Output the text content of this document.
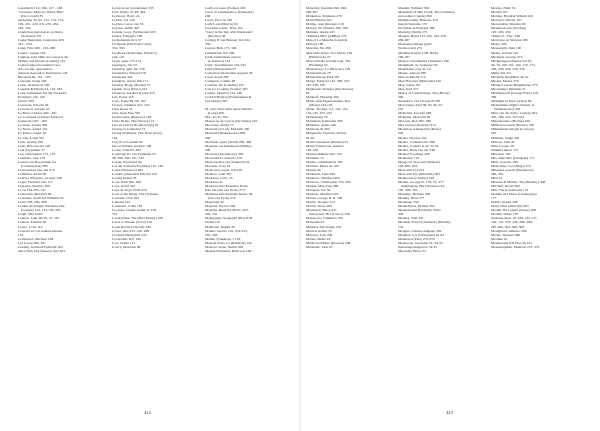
Lazarlist 61 f.4: 166, 167 - 168
"Lead into Mass ris Wand, Hier"
(De Cowell) 35
landschap 34, 62, 152, 154, 174,
192, 201, 229, 231-233, 262,
263, 334
Landschap met Aaron op Delos
(Serrures) 331
Lasky Benjamin, Gregoriae 203,
221 - 234
Lang, Fritz 206 - 216, 290
Lanzer, Joseph 166
Lanhaur aabe Dhin du Concerts der
Mahler und Persist (Lessing) 161
Laskavanguard psiokbert rece
Afo 1o1mn, Appunalon,
Adriaan Aenouit to Pelyalexse 128
Rhodesi) 90, 161 - 163
Larsaum, Serge 203
Lasse, Orlando di 196
Lauebul & Haydn 24, 116, 349
Lasse Schuinken frij der Zuchwid,
Erasmus) 145, 146
Uleurc 309
Laveraun, Nevcke 34
Leconte Jr. George 10
Le Brun, Charles 200 - 201
Le Corbusier (Charles-Edouard
Jeanneret) 207 - 209
Le Guin, Ursula 369
Le Nôtre, André 332
Le Prince, Léger 62
Le Vau, Louis 332
Lean, lersing 106
Leeb, Ben van der 190
Leel Zeypeihist 37
Lee, Christopher 175, 176
Leemans, Jaap 179
Leeren van Hoewerken for
(Commiyanis) 283
Leeuwarden, kist aux 279
Lelfshina, André 90
Lefévre d'Étaples, Jacques 248
Léger, Fernand 146, 117
Legrante, Pierrina 300
Le oe 184-185, 151
Laboratlin (Reichel) 48
Lechnine, Gottfried Wilhelm 65
Leicn 203, 209, 308
Leiden des jungen Werthers, Die
(Goethe) 124, 133-135, 283
Leigh, Mitch 205
Lennon, John 38, 95, 37, 101
Lenoret, Étienne 40
Lenyo, Lotte 110
Leopold 10 von Anhalt-Dessau
133
Lermontov, Michael 148
Les n aeni 360, 307
Lessing, Gotthold Ephraim 162
lettre Web, Dal (Reeson 3pr) 304
Leven te zet (Grosmann) 335
Levi, Primo 47-48, 364
Levinson, Barry 24
LeWitt, Sol 139
Leyden, Lucas van 53
Leyster, Judith 305
Lezaak voors. (Verhaeren) 295
Libera, Filippino 186
Lichtenstein, Roy 97
Lichtpaan (Die Kuir, Claes)
332, 350
Liedboek (Kanzonini, Petrarca)
144, 147
Ligm, Alan 173-174
Ligeligen, Jon 53
Limburg, gebr. 62, 256
Lindenmoi, Eduard 278
Lindeckel 342
Lindgren, Astrid 169-171
Lindsay-Hogg, Michael 37
Lipmal Tvos (Puerto) 94
Lissabon, Aardbevig land 216
List, Franz 118
Loes, Franz 89, 90, 102
Livest), Johnnies 215, 225
Lliro Israel 74
Lliro beoh Fres 350
Lizsle bance (Reproce) 148
Little Nemo, The (Dowey) 16
Lite and Zecht De (Revertgh) 91
Liverpool Cathedral 72
Living Daylights, The, Rive (Glen)
162
Lloyd's of Londen 62
Llyod Webber, Andrew 196
Locke, John 63, 263
Lodewijk xiv van Frankrijk 25,
48, 286, 290, 331, 332
Loeser, Raymond 90
Lof der Zotheid (Erasmus) 145, 146
Lolita (Nabokov) 283
Londen (onderdaas Haydn) 162
Loomy Planet 45
Loos, Wim 306, 309
Loos, Adolf 305
Lope de Vega, Félix 370
Lord of the Rings, The (Tolkien)
Lorraine, Clau 293
L'Otolul 124
Louisiana, Cathe 165
Lovesan, Claude Gellée le 330,
331
Lovelymbel, The (Hutt Beenet) 199
Lucia te Wiaaue (Sotot) 210
Louis Ravision Spotify 285
Lower, Alts 255, 256, 288
Loveand Heerlgicht 245
Loverroith, R.F. 190
Low, Otlain 113
Lowry, Malcolm 98
Lucht en water (Escher) 263
Lucia di Lammermoor (Donizetti)
206
Lucia, Paco de 240
Lady Lada (Morris) 93
Lucretius Carus, Titus 162
"Lucy in the Sky with Diamonds"
(Beatles) 38
Ludwig II van Beieren 310-322,
359
Lugosi, Béla 175, 349
Lukermann, Rat 296
Lutik-Guillemons station
(Calatrava) 114
Lully, Jean Baptiste 334-345
Lüne (Woldschull) 97
Lustration Strantomia Augusti 29
Lund, Sarah 369
Landgren, Colkhe 48
Lonisais, De (Camões) 145
Last for Looking (Sonny) 363
Luthen, Maarten 143, 146
Lycidal Bollasi (Wondermann &
Golombijo) 361

M, cine Staat wilht einen Mörder
(Lang) 206
MA, Yo-Yo 194
Maagd op de weavis (De Wisse) 216
Macaulay, David 77
Macbeth en Lady Macbeth 290
Macbeth (Shakespeare) 288,
300
Macbeth, opera (Verdi) 299, 300
Macbeth van Rakshpuit (Müller)
300
Macbeth (Siostakovic) 300
Macdonaldo, Antonia 278
MacLean Bocorp (Volkonu) 92
Macseth, Jerry 24
MacLaren, Gerid 120-126
Maddox, John 207
Madonna, Carlo 45
Madonna 41
Madonna met Kanselier Rolin
Pad, De (Jan van Eyck) 274
Madonna met kanselier Rolin, De
(Jan van Eyck) 274
Maestrum 20
Magritte, Parivet 294
Magritte, René 84, 86-61, 263,
294, 341
Mahagonny-Songspiel (Brecht &
Weill) 110
Mahbram, Nagith 36
Mahler, Gustav 132, 232-233,
255, 266
Mahler Symphony 1 152
Main & Orsis, Le (Rabelais) 145
Maison Carrée, Nîmes 329
Maisch Frennderi, Ruth von 168
Malevitsj, Kazimir 292, 296,
296-297
Malkamot, Stéphane 279
Malta Bubble 203
Malmo, aren (Rocket) 218
Malory, Sir Thomas 166, 168
Malraux, André 223
"Mamma Mia! (ABBA) 370
Man of La Mancha (Leigh &
Darion) 168
Man Ray 84, 286
Man Who Knew Too Much, The
(Hitchcock) 70
Man with the Golden Gun, The
(Fleming) 92
Manaulovec, Le (Bouvier) 118
Mandelsmoue 78
Mandelsmoue Park 161
Manet, Édouard 125, 289, 307,
327-338, 339
Manhattan Transfer (Dos Passos)
84
Mankoff, Henning 290
Mann ohne Eigenschaften, Der
(Musil) 134-135
Mann, Thomas 111, 116, 119,
134-135, 255, 247
Mannderley 70
Mansfield, Katherine 348
Manutius, Aldus 146
Manzoni, Pi 293
Marguerite Theresia, infanta
61-62
Maria's kinderen (Rubens) 25
Maria Vrederrous, martina
126-129
Mariaverkündet 292, 325
Marinetti 72
Marino, Giambattista 183
Marinus, Pierre de 100
Marina 90
Markland, Lisia 299
Markevic, Manfred 202
Marlowe, Christopher 155, 290
Marple, Miss Jane 289
Marquart, Ver 59
Marsedo, Manfred 205
Martin, George R. R. 190
Martin, Jacques 174
Martin, Silvie 200
Martinson, Harry 231
martyrium, Het (Castor) 236
Massuccio, Tommaso 250
Mansolée 91
Maskew, Nils Kamp 232
Marlow Kotlin 33
Massary, Joan 240
Mattes, Heins 24
Mathi and Hathe (Koewet) 238
Mauanier, John 45
Massini, Edmund 306
Mansfield of Min Chalk, The (Christiae
en Leonies Claude) 369
Mammotantik, Hastella 314
matelu Sideome 137
ma thilde de Bourges 368
Machiby (Dalli) 273
Maitant, Henri 152-166, 194, 278,
286-287
Mataasinscaldaga (gebr.
Wochowski) 274
Matthias Pariser (J.B. Bach)
196-187
Mauray Cmomenied (Vermeer) 196
Mauglham, W. Somerset 92
Maurmann, Guy de 111
Mauze, Antoan 288
Max en Moritz 174
Max Havelaar (Multatuli) 220
May, Glede 101
Mea, Karl 377
Mayor of Casterbridge, The (Hardy)
366
mazurka's, van Chopin 87-88
McCartney, Paul 38, 95, 96, 97,
101
McKellen, Ian 343-348
Mckenna, Malcolm 90
McLean, Don 385, 386
Mea Orcate (Kensaar) 314
Meoulian, Amsterdam (Rofet)
246
Medea, Nicolas 194
Medici, Catharina de' 286
Medici, Cosimo te de' 32-34
Medici, Hans van der 338
Medee (Yoozhen) 208
Mahnettes 119
Meege tot de pond (Vermeer)
193-300, 264
Melcoum 213-214
Melcoum Voe (Dirichlet) 303
Meheroule (Christie) 198
Mellen, George W. 178, 70, 377
melkmeisje, Het (Vermeer) 44,
190, 290, 305
Maloidie, Herman 209
Mandig, Hans 377
Manander 359
Mendelsplaz, Driekel 362
Mendelssohn Bartholdy, Felix
348
Mendes, Sam 347
Meonnie Tiwel I (Vermeer) (Heddie)
134
Mengus, Charles-Auguste 302
Meninas, Las (Velázquez) 61-63
Menneson (Pies) 275-276
Menscoser, Gerardus 32, 34-35
mensensporingerrote 34-35
Mercadeo Beloo 32
Mercks, Eddy 74
Merlijn 167
Mardeg, Hendrik Willem 229
Mercator, Olivier 107
Mercendrin, Maurice 90
Metamorfosen (Ovidius)
129, 203, 256
"Method", The" 348
Mevrouw de Sévigné 186
Meyer 209
Messengill, John 190
Mente, Gabriel 101
Michaels, George 373
Michelangelo Buonarroti 43,
44, 79, 160-161, 162, 176, 175,
200, 228, 229, 330, 330
Milky Ma 311
Michelin uitsightini 40, 41
Mickey Mouse 279
Micheel van de Hauptthener 370
Micresjäger Dubliam 51
Middlemarch (George Eliot) 126,
366
Midnight in Paris (Allen) 84
Midsummer Night's Dream, A
(Shakespeare) 342
Mies van der Rohe, Ludwig 294,
305, 306, 322, 323-324
Mikrokosmos (Bartók) 169
Milfield Garnem (Escher) 160
Millennium-trilogie (Larsson)
367
Millman, Spike 244
Milioni, John 45
Mini Cooper 39
minimal music 171
Minotaur 190
Mio, mijn Mio (Lindgren) 171
Mirb, Joan 95, 299
Miserables, Les (Hugo) 373
Misslaud wizette (Beethoven)
266, 261
Miss 51
Mission & Mulder, The (Bradley) 368
Mitchell, David 369
Mitt, The (Cashewak) 172
Mobiüs and Maiss (Gramorphe)
177
mobila pickha 328
Moby Dick (Melville) 365
Modell, By Lasseil (Nesse) 209
Modern Times 176
moderne mare 10, 239, 135-137,
149, 147, 235, 240, 286, 289,
295-300, 303, 306, 308
Modigliani, Amedeo 296
Mudeo, Nazaret 380
Modline 91
Moederland (De Hooch) 101
Moerenigemkr, Medison 273, 372
422	423
